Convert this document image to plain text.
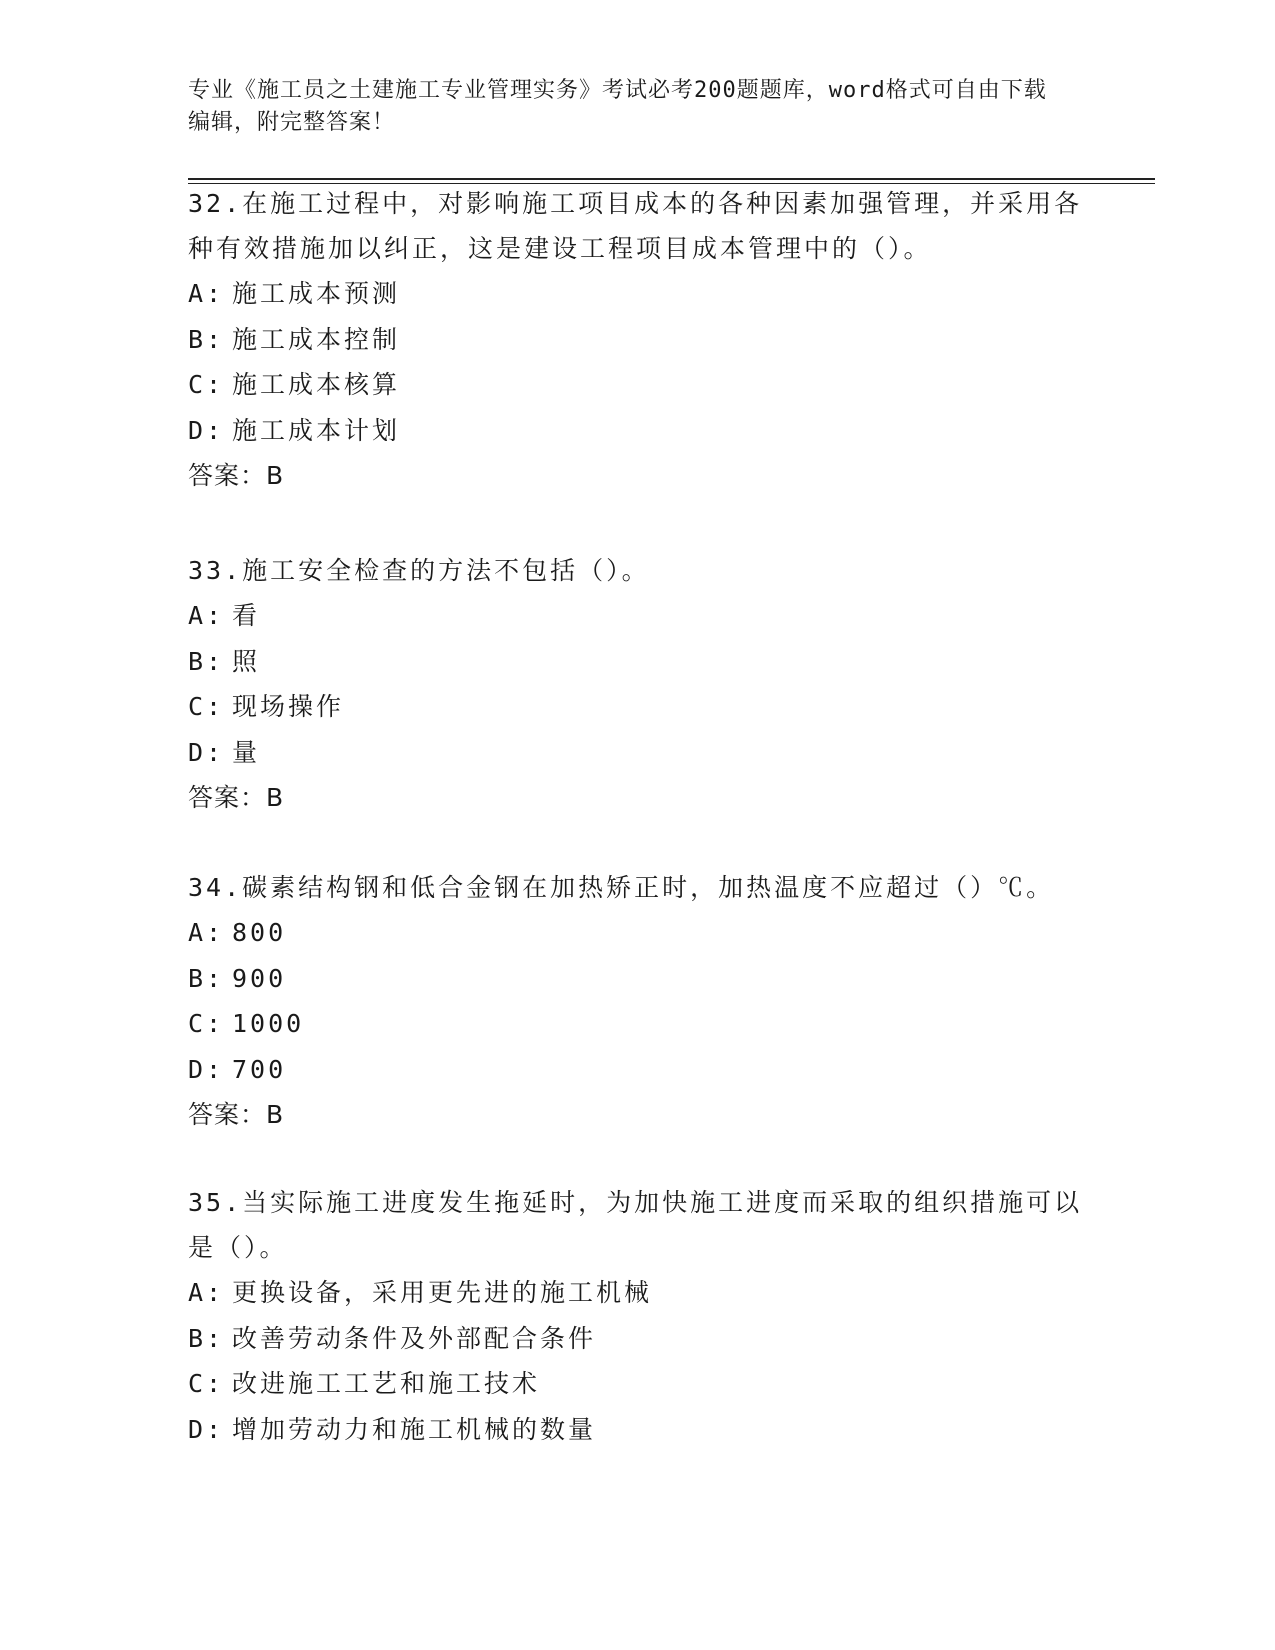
专业《施工员之土建施工专业管理实务》考试必考200题题库，word格式可自由下载编辑，附完整答案！

32.在施工过程中，对影响施工项目成本的各种因素加强管理，并采用各种有效措施加以纠正，这是建设工程项目成本管理中的（）。

A: 施工成本预测

B: 施工成本控制

C: 施工成本核算

D: 施工成本计划

答案：B

33.施工安全检查的方法不包括（）。

A: 看

B: 照

C: 现场操作

D: 量

答案：B

34.碳素结构钢和低合金钢在加热矫正时，加热温度不应超过（）℃。

A: 800

B: 900

C: 1000

D: 700

答案：B

35.当实际施工进度发生拖延时，为加快施工进度而采取的组织措施可以是（）。

A: 更换设备，采用更先进的施工机械

B: 改善劳动条件及外部配合条件

C: 改进施工工艺和施工技术

D: 增加劳动力和施工机械的数量
